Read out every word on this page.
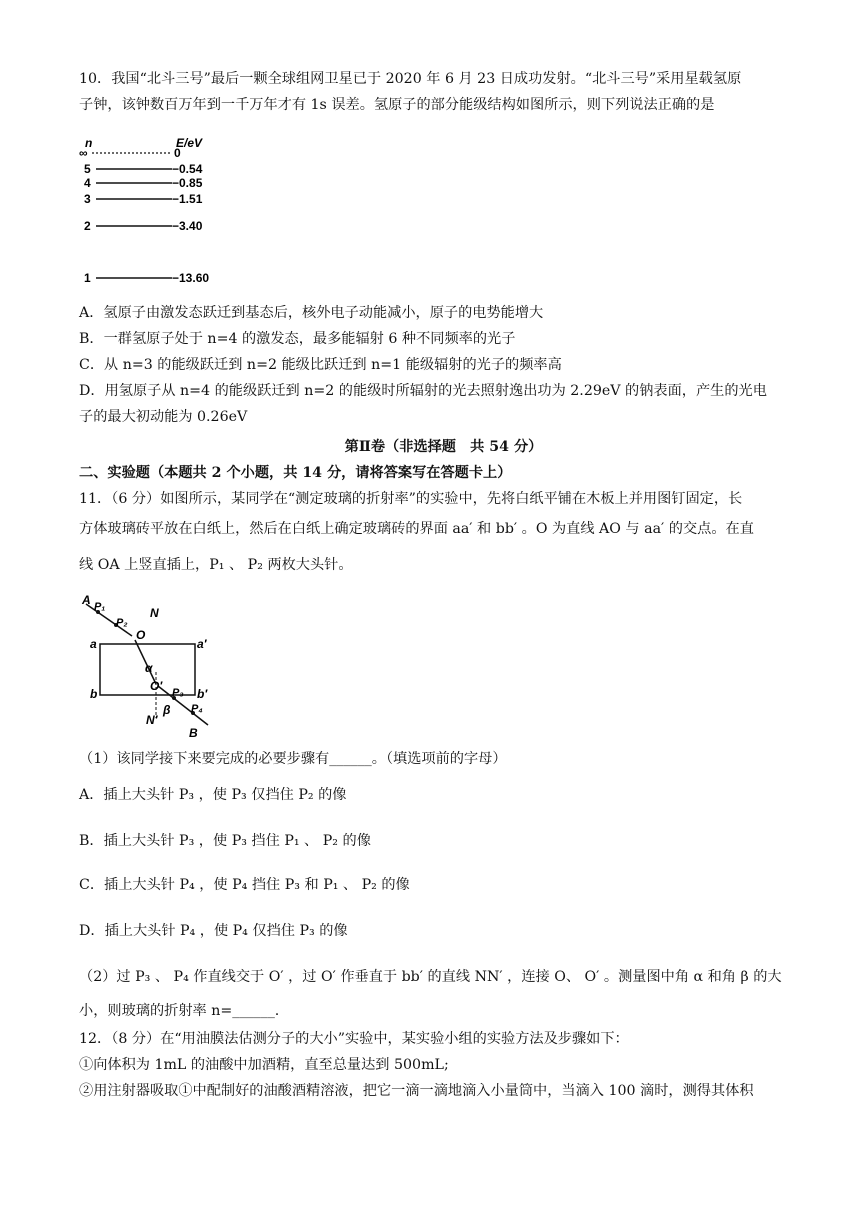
10．我国“北斗三号”最后一颗全球组网卫星已于 2020 年 6 月 23 日成功发射。“北斗三号”采用星载氢原
子钟，该钟数百万年到一千万年才有 1s 误差。氢原子的部分能级结构如图所示，则下列说法正确的是
n	E/eV
∞	0
5	−0.54
4	−0.85
3	−1.51
2	−3.40
1	−13.60
A．氢原子由激发态跃迁到基态后，核外电子动能减小，原子的电势能增大
B．一群氢原子处于 n=4 的激发态，最多能辐射 6 种不同频率的光子
C．从 n=3 的能级跃迁到 n=2 能级比跃迁到 n=1 能级辐射的光子的频率高
D．用氢原子从 n=4 的能级跃迁到 n=2 的能级时所辐射的光去照射逸出功为 2.29eV 的钠表面，产生的光电
子的最大初动能为 0.26eV
第Ⅱ卷（非选择题　共 54 分）
二、实验题（本题共 2 个小题，共 14 分，请将答案写在答题卡上）
11．（6 分）如图所示，某同学在“测定玻璃的折射率”的实验中，先将白纸平铺在木板上并用图钉固定，长
方体玻璃砖平放在白纸上，然后在白纸上确定玻璃砖的界面 aa′ 和 bb′ 。O 为直线 AO 与 aa′ 的交点。在直
线 OA 上竖直插上，P₁ 、 P₂ 两枚大头针。
A P₁
P₂
N
O
a	a′
α
b	b′
O′ P₃
P₄
N′
β
B
（1）该同学接下来要完成的必要步骤有______。（填选项前的字母）
A．插上大头针 P₃ ，使 P₃ 仅挡住 P₂ 的像
B．插上大头针 P₃ ，使 P₃ 挡住 P₁ 、 P₂ 的像
C．插上大头针 P₄ ，使 P₄ 挡住 P₃ 和 P₁ 、 P₂ 的像
D．插上大头针 P₄ ，使 P₄ 仅挡住 P₃ 的像
（2）过 P₃ 、 P₄ 作直线交于 O′ ，过 O′ 作垂直于 bb′ 的直线 NN′ ，连接 O、 O′ 。测量图中角 α 和角 β 的大
小，则玻璃的折射率 n=______.
12．（8 分）在“用油膜法估测分子的大小”实验中，某实验小组的实验方法及步骤如下：
①向体积为 1mL 的油酸中加酒精，直至总量达到 500mL;
②用注射器吸取①中配制好的油酸酒精溶液，把它一滴一滴地滴入小量筒中，当滴入 100 滴时，测得其体积
